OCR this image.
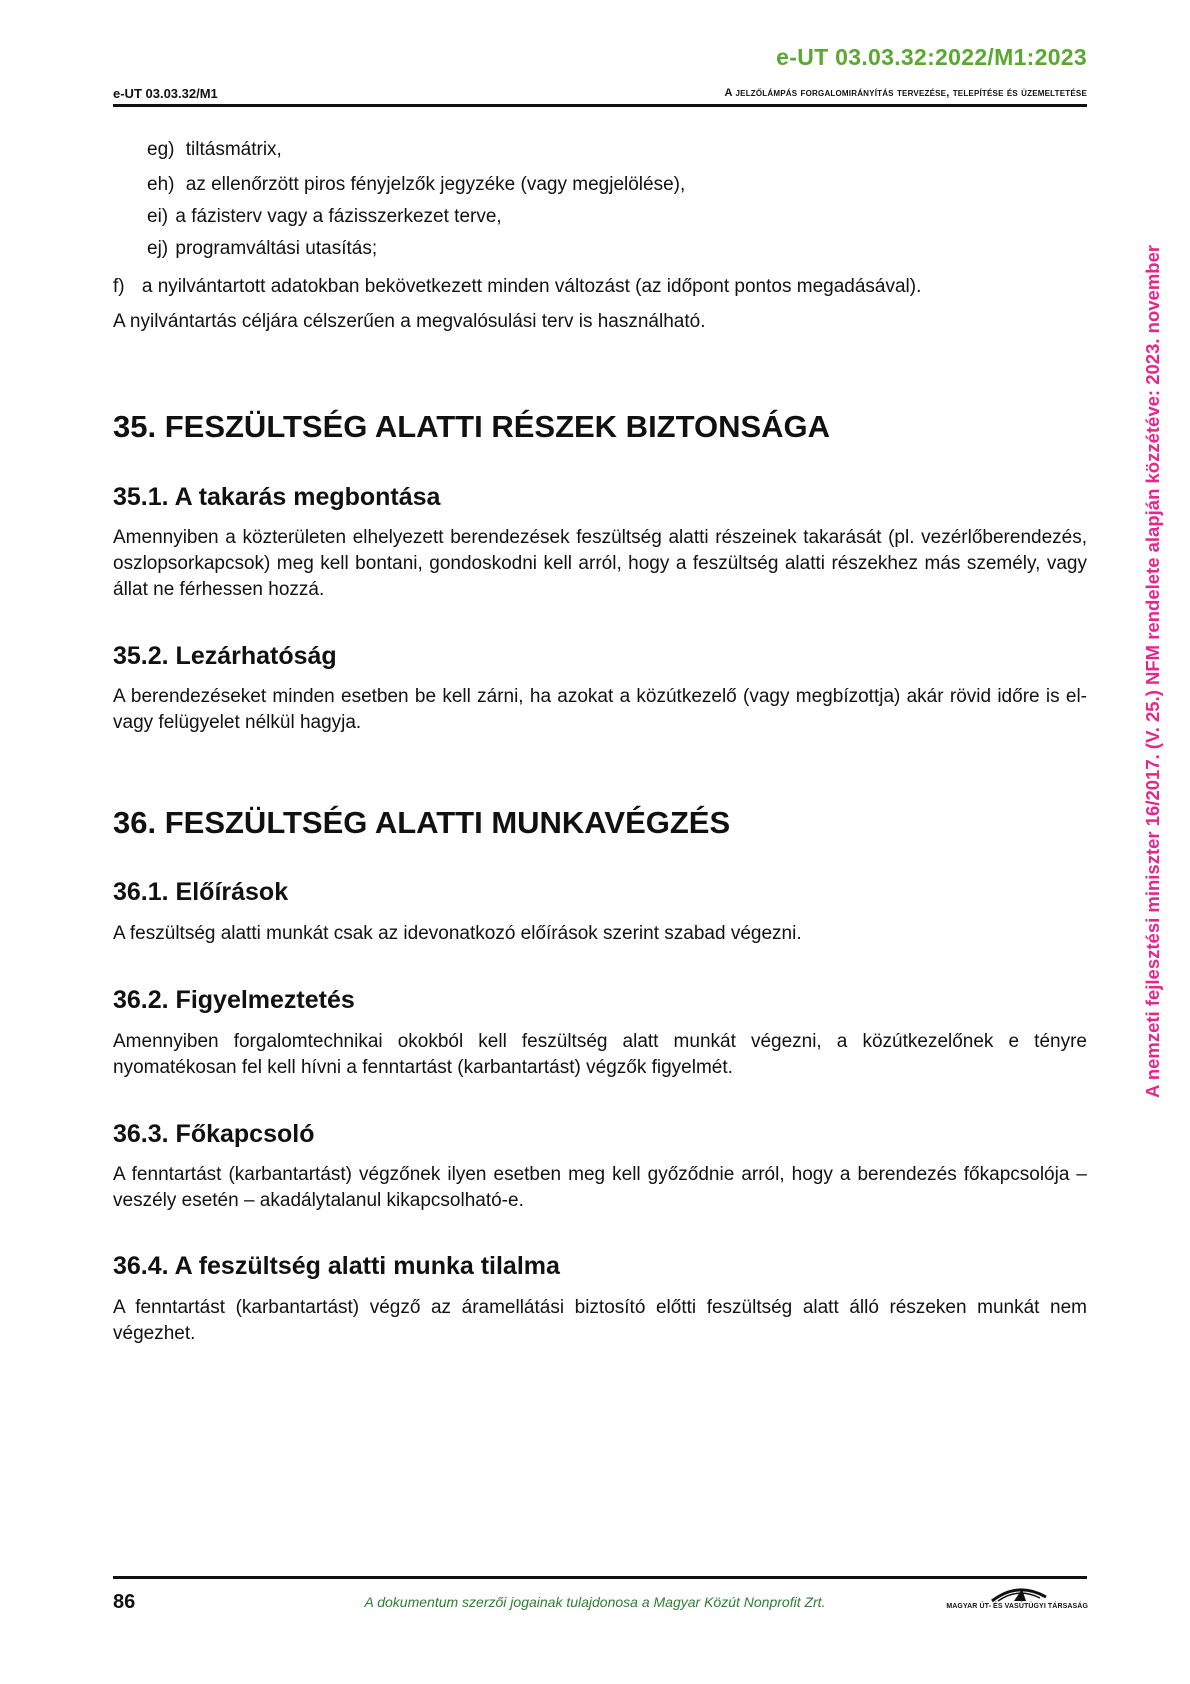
e-UT 03.03.32:2022/M1:2023
e-UT 03.03.32/M1	A jelzőlámpás forgalomirányítás tervezése, telepítése és üzemeltetése
eg) tiltásmátrix,
eh) az ellenőrzött piros fényjelzők jegyzéke (vagy megjelölése),
ei) a fázisterv vagy a fázisszerkezet terve,
ej) programváltási utasítás;
f) a nyilvántartott adatokban bekövetkezett minden változást (az időpont pontos megadásával).
A nyilvántartás céljára célszerűen a megvalósulási terv is használható.
35. FESZÜLTSÉG ALATTI RÉSZEK BIZTONSÁGA
35.1. A takarás megbontása
Amennyiben a közterületen elhelyezett berendezések feszültség alatti részeinek takarását (pl. vezérlőberendezés, oszlopsorkapcsok) meg kell bontani, gondoskodni kell arról, hogy a feszültség alatti részekhez más személy, vagy állat ne férhessen hozzá.
35.2. Lezárhatóság
A berendezéseket minden esetben be kell zárni, ha azokat a közútkezelő (vagy megbízottja) akár rövid időre is el- vagy felügyelet nélkül hagyja.
36. FESZÜLTSÉG ALATTI MUNKAVÉGZÉS
36.1. Előírások
A feszültség alatti munkát csak az idevonatkozó előírások szerint szabad végezni.
36.2. Figyelmeztetés
Amennyiben forgalomtechnikai okokból kell feszültség alatt munkát végezni, a közútkezelőnek e tényre nyomatékosan fel kell hívni a fenntartást (karbantartást) végzők figyelmét.
36.3. Főkapcsoló
A fenntartást (karbantartást) végzőnek ilyen esetben meg kell győződnie arról, hogy a berendezés főkapcsolója – veszély esetén – akadálytalanul kikapcsolható-e.
36.4. A feszültség alatti munka tilalma
A fenntartást (karbantartást) végző az áramellátási biztosító előtti feszültség alatt álló részeken munkát nem végezhet.
A nemzeti fejlesztési miniszter 16/2017. (V. 25.) NFM rendelete alapján közzétéve: 2023. november
86	A dokumentum szerzői jogainak tulajdonosa a Magyar Közút Nonprofit Zrt.	MAGYAR ÚT- ÉS VASÚTÜGYI TÁRSASÁG
